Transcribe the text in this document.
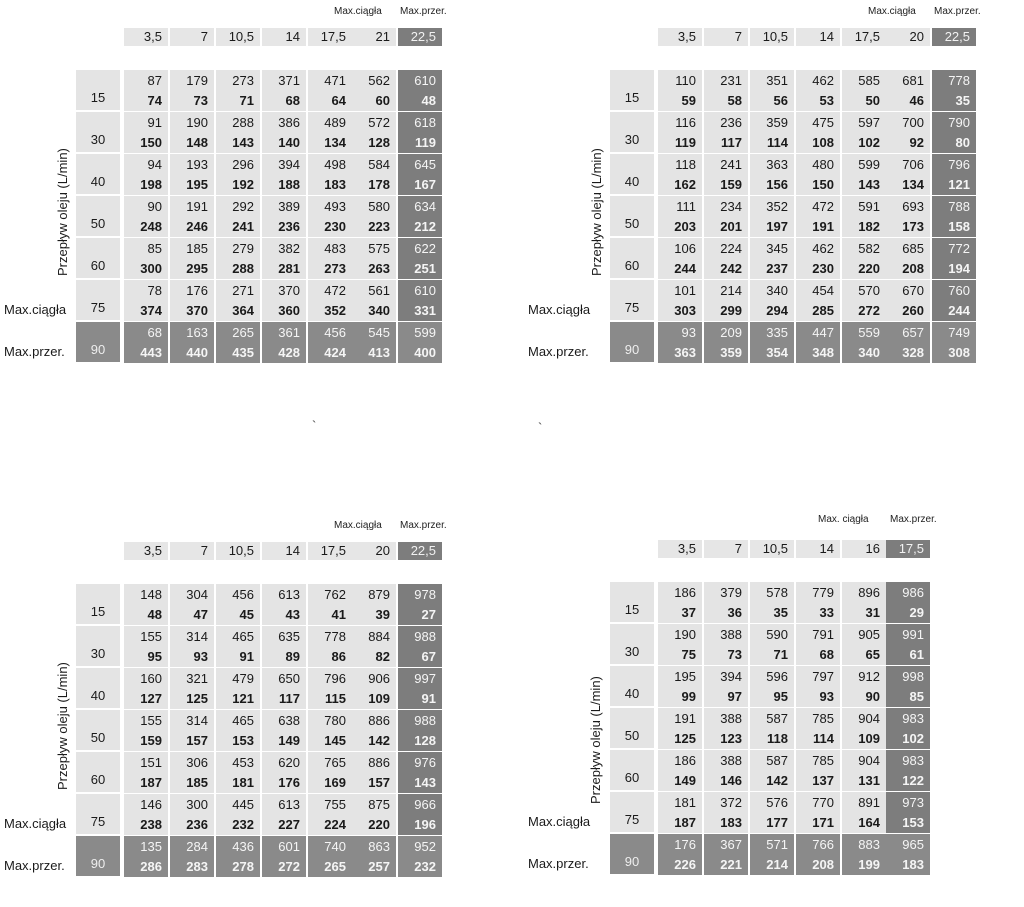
Max.ciągła Max.przer.
3,5	7	10,5	14	17,5	21	22,5
15
87	179	273	371	471	562	610
74	73	71	68	64	60	48
30
91	190	288	386	489	572	618
150	148	143	140	134	128	119
40
94	193	296	394	498	584	645
198	195	192	188	183	178	167
50
90	191	292	389	493	580	634
248	246	241	236	230	223	212
60
85	185	279	382	483	575	622
300	295	288	281	273	263	251
75
Max.ciągła
78	176	271	370	472	561	610
374	370	364	360	352	340	331
90
Max.przer.
68	163	265	361	456	545	599
443	440	435	428	424	413	400
Przepływ oleju (L/min)
Max.ciągła Max.przer.
3,5	7	10,5	14	17,5	20	22,5
15
110	231	351	462	585	681	778
59	58	56	53	50	46	35
30
116	236	359	475	597	700	790
119	117	114	108	102	92	80
40
118	241	363	480	599	706	796
162	159	156	150	143	134	121
50
111	234	352	472	591	693	788
203	201	197	191	182	173	158
60
106	224	345	462	582	685	772
244	242	237	230	220	208	194
75
Max.ciągła
101	214	340	454	570	670	760
303	299	294	285	272	260	244
90
Max.przer.
93	209	335	447	559	657	749
363	359	354	348	340	328	308
Przepływ oleju (L/min)
Max.ciągła Max.przer.
3,5	7	10,5	14	17,5	20	22,5
15
148	304	456	613	762	879	978
48	47	45	43	41	39	27
30
155	314	465	635	778	884	988
95	93	91	89	86	82	67
40
160	321	479	650	796	906	997
127	125	121	117	115	109	91
50
155	314	465	638	780	886	988
159	157	153	149	145	142	128
60
151	306	453	620	765	886	976
187	185	181	176	169	157	143
75
Max.ciągła
146	300	445	613	755	875	966
238	236	232	227	224	220	196
90
Max.przer.
135	284	436	601	740	863	952
286	283	278	272	265	257	232
Przepływ oleju (L/min)
Max. ciągła Max.przer.
3,5	7	10,5	14	16	17,5
15
186	379	578	779	896	986
37	36	35	33	31	29
30
190	388	590	791	905	991
75	73	71	68	65	61
40
195	394	596	797	912	998
99	97	95	93	90	85
50
191	388	587	785	904	983
125	123	118	114	109	102
60
186	388	587	785	904	983
149	146	142	137	131	122
75
Max.ciągła
181	372	576	770	891	973
187	183	177	171	164	153
90
Max.przer.
176	367	571	766	883	965
226	221	214	208	199	183
Przepływ oleju (L/min)
`	`
